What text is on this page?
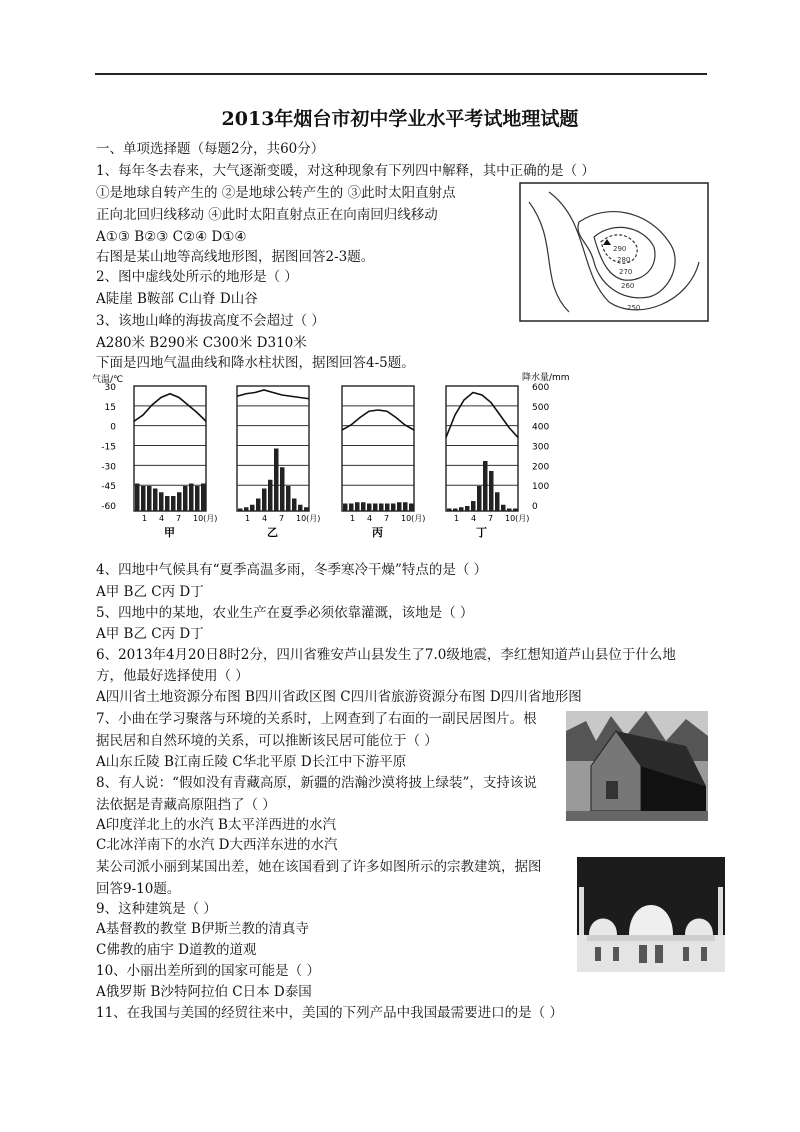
2013年烟台市初中学业水平考试地理试题
一、单项选择题（每题2分，共60分）
1、每年冬去春来，大气逐渐变暖，对这种现象有下列四中解释，其中正确的是（ ）
①是地球自转产生的 ②是地球公转产生的 ③此时太阳直射点
正向北回归线移动 ④此时太阳直射点正在向南回归线移动
A①③ B②③ C②④ D①④
右图是某山地等高线地形图，据图回答2-3题。
2、图中虚线处所示的地形是（ ）
A陡崖 B鞍部 C山脊 D山谷
3、该地山峰的海拔高度不会超过（ ）
A280米 B290米 C300米 D310米
下面是四地气温曲线和降水柱状图，据图回答4-5题。
290
280
270
260
250
气温/℃	降水量/mm
30
15
0
-15
-30
-45
-60
600
500
400
300
200
100
0
1 4 7 10(月)
甲
1 4 7 10(月)
乙
1 4 7 10(月)
丙
1 4 7 10(月)
丁
4、四地中气候具有“夏季高温多雨，冬季寒冷干燥”特点的是（ ）
A甲 B乙 C丙 D丁
5、四地中的某地，农业生产在夏季必须依靠灌溉，该地是（ ）
A甲 B乙 C丙 D丁
6、2013年4月20日8时2分，四川省雅安芦山县发生了7.0级地震，李红想知道芦山县位于什么地
方，他最好选择使用（ ）
A四川省土地资源分布图 B四川省政区图 C四川省旅游资源分布图 D四川省地形图
7、小曲在学习聚落与环境的关系时，上网查到了右面的一副民居图片。根
据民居和自然环境的关系，可以推断该民居可能位于（ ）
A山东丘陵 B江南丘陵 C华北平原 D长江中下游平原
8、有人说：“假如没有青藏高原，新疆的浩瀚沙漠将披上绿装”，支持该说
法依据是青藏高原阻挡了（ ）
A印度洋北上的水汽 B太平洋西进的水汽
C北冰洋南下的水汽 D大西洋东进的水汽
某公司派小丽到某国出差，她在该国看到了许多如图所示的宗教建筑，据图
回答9-10题。
9、这种建筑是（ ）
A基督教的教堂 B伊斯兰教的清真寺
C佛教的庙宇 D道教的道观
10、小丽出差所到的国家可能是（ ）
A俄罗斯 B沙特阿拉伯 C日本 D泰国
11、在我国与美国的经贸往来中，美国的下列产品中我国最需要进口的是（ ）
